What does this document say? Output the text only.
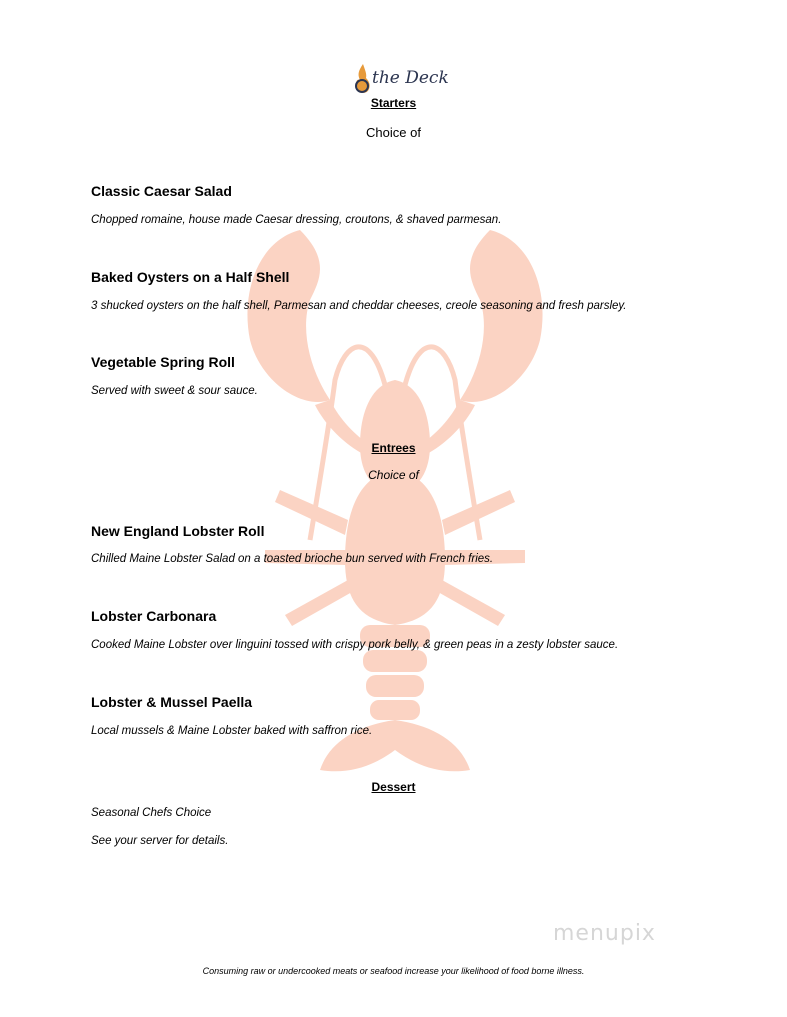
the Deck
Starters
Choice of
Classic Caesar Salad
Chopped romaine, house made Caesar dressing, croutons, & shaved parmesan.
Baked Oysters on a Half Shell
3 shucked oysters on the half shell, Parmesan and cheddar cheeses, creole seasoning and fresh parsley.
Vegetable Spring Roll
Served with sweet & sour sauce.
Entrees
Choice of
New England Lobster Roll
Chilled Maine Lobster Salad on a toasted brioche bun served with French fries.
Lobster Carbonara
Cooked Maine Lobster over linguini tossed with crispy pork belly, & green peas in a zesty lobster sauce.
Lobster & Mussel Paella
Local mussels & Maine Lobster baked with saffron rice.
Dessert
Seasonal Chefs Choice
See your server for details.
menupix
Consuming raw or undercooked meats or seafood increase your likelihood of food borne illness.
